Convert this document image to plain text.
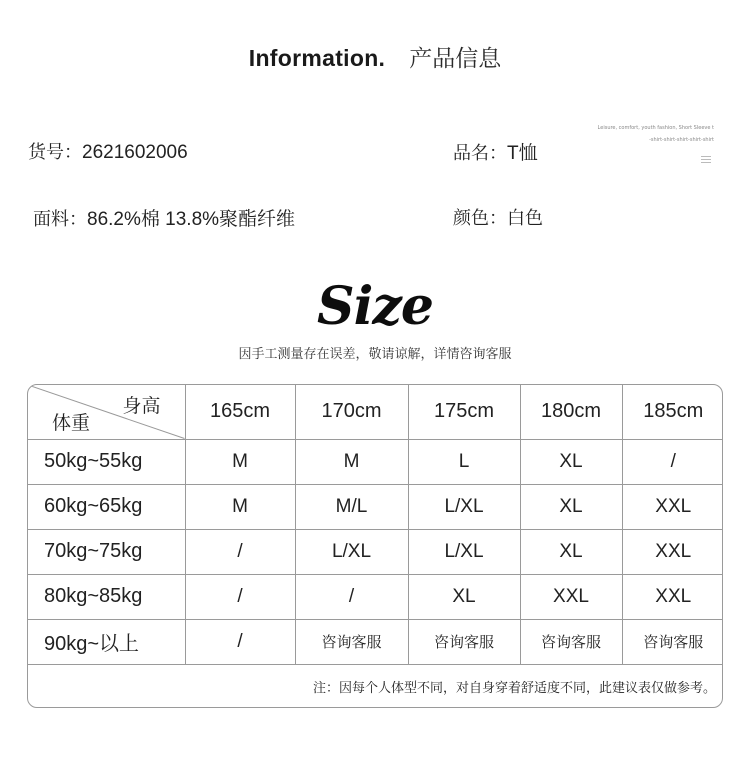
Information. 产品信息
货号：2621602006	品名：T恤
面料：86.2%棉 13.8%聚酯纤维	颜色：白色
Leisure, comfort, youth fashion, Short Sleeve t
-shirt-shirt-shirt-shirt-shirt
Size
因手工测量存在误差，敬请谅解，详情咨询客服
身高
体重	165cm	170cm	175cm	180cm	185cm
50kg~55kg	M	M	L	XL	/
60kg~65kg	M	M/L	L/XL	XL	XXL
70kg~75kg	/	L/XL	L/XL	XL	XXL
80kg~85kg	/	/	XL	XXL	XXL
90kg~以上	/	咨询客服	咨询客服	咨询客服	咨询客服
注：因每个人体型不同，对自身穿着舒适度不同，此建议表仅做参考。					
